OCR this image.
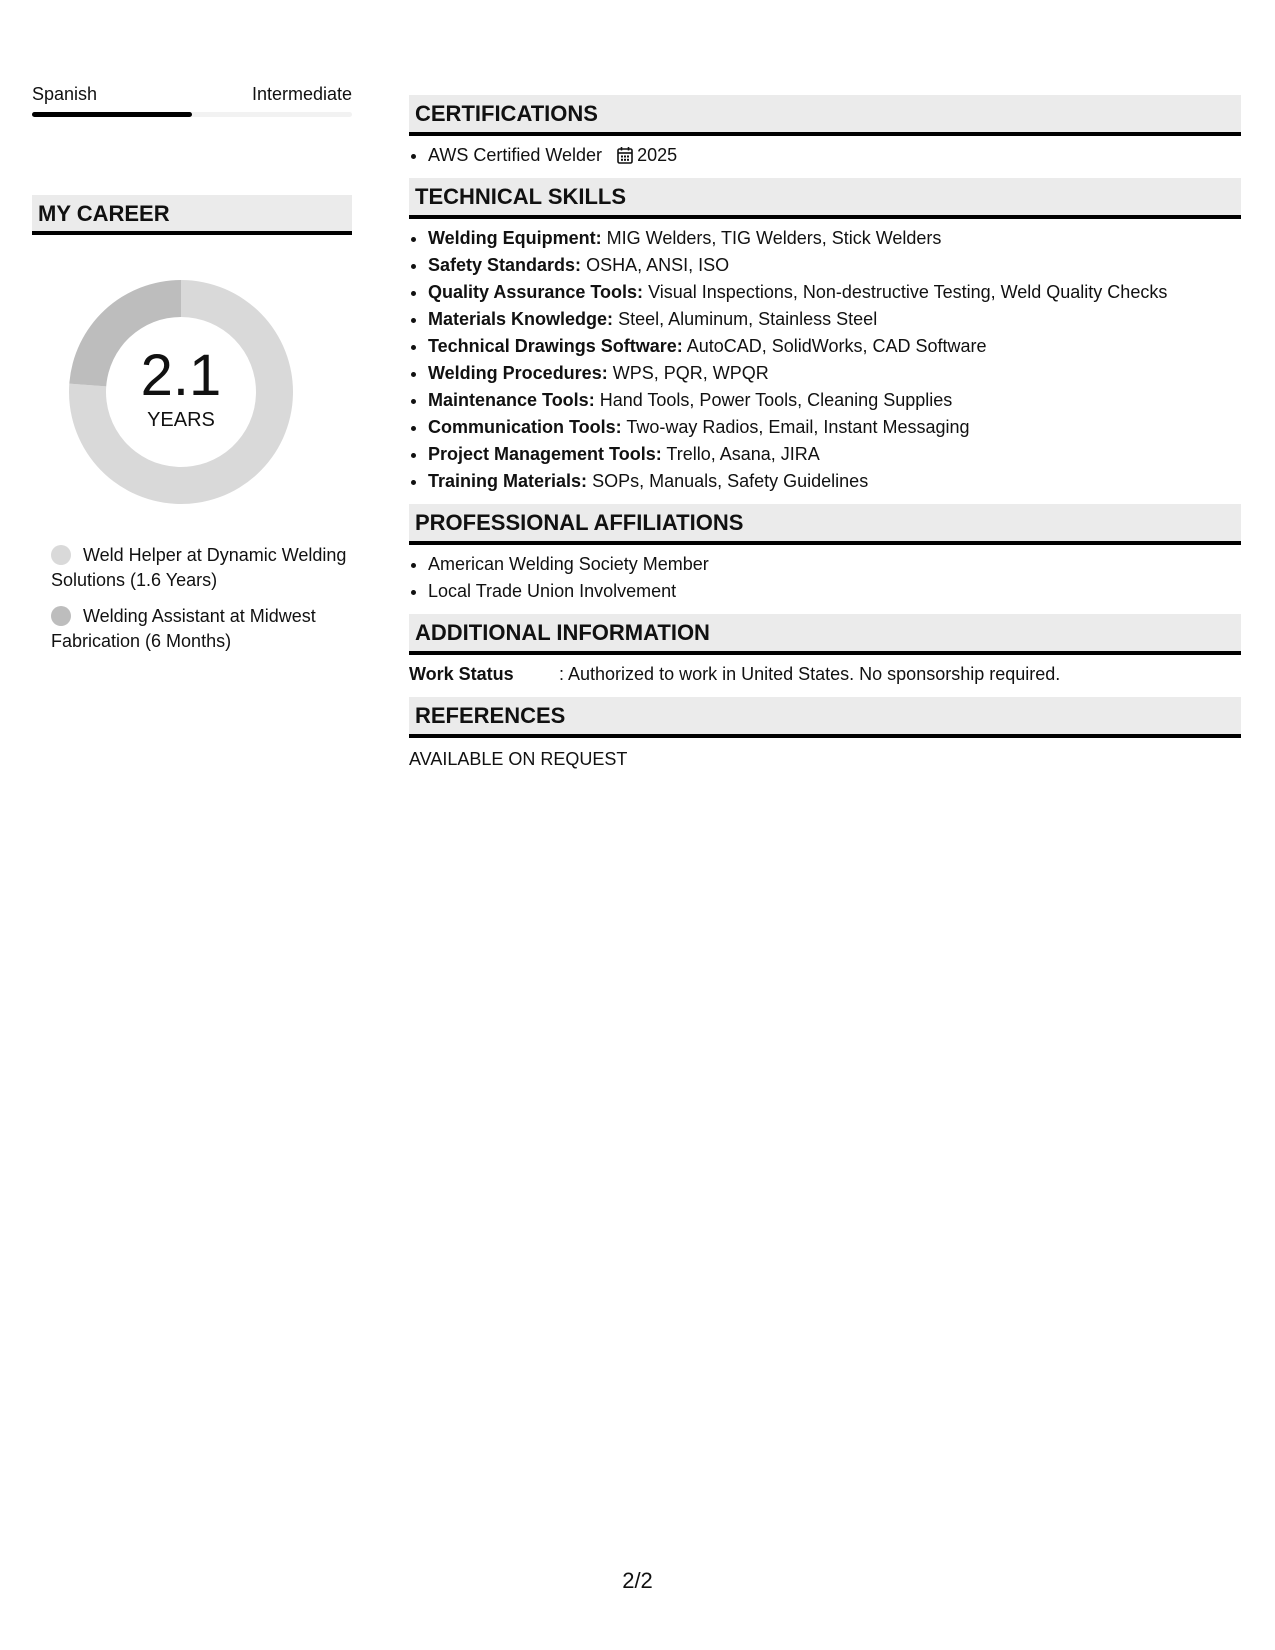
Spanish	Intermediate
MY CAREER
2.1
YEARS
Weld Helper at Dynamic Welding Solutions (1.6 Years)
Welding Assistant at Midwest Fabrication (6 Months)
CERTIFICATIONS
• AWS Certified Welder 2025
TECHNICAL SKILLS
• Welding Equipment: MIG Welders, TIG Welders, Stick Welders
• Safety Standards: OSHA, ANSI, ISO
• Quality Assurance Tools: Visual Inspections, Non-destructive Testing, Weld Quality Checks
• Materials Knowledge: Steel, Aluminum, Stainless Steel
• Technical Drawings Software: AutoCAD, SolidWorks, CAD Software
• Welding Procedures: WPS, PQR, WPQR
• Maintenance Tools: Hand Tools, Power Tools, Cleaning Supplies
• Communication Tools: Two-way Radios, Email, Instant Messaging
• Project Management Tools: Trello, Asana, JIRA
• Training Materials: SOPs, Manuals, Safety Guidelines
PROFESSIONAL AFFILIATIONS
• American Welding Society Member
• Local Trade Union Involvement
ADDITIONAL INFORMATION
Work Status	: Authorized to work in United States. No sponsorship required.
REFERENCES
AVAILABLE ON REQUEST
2/2
